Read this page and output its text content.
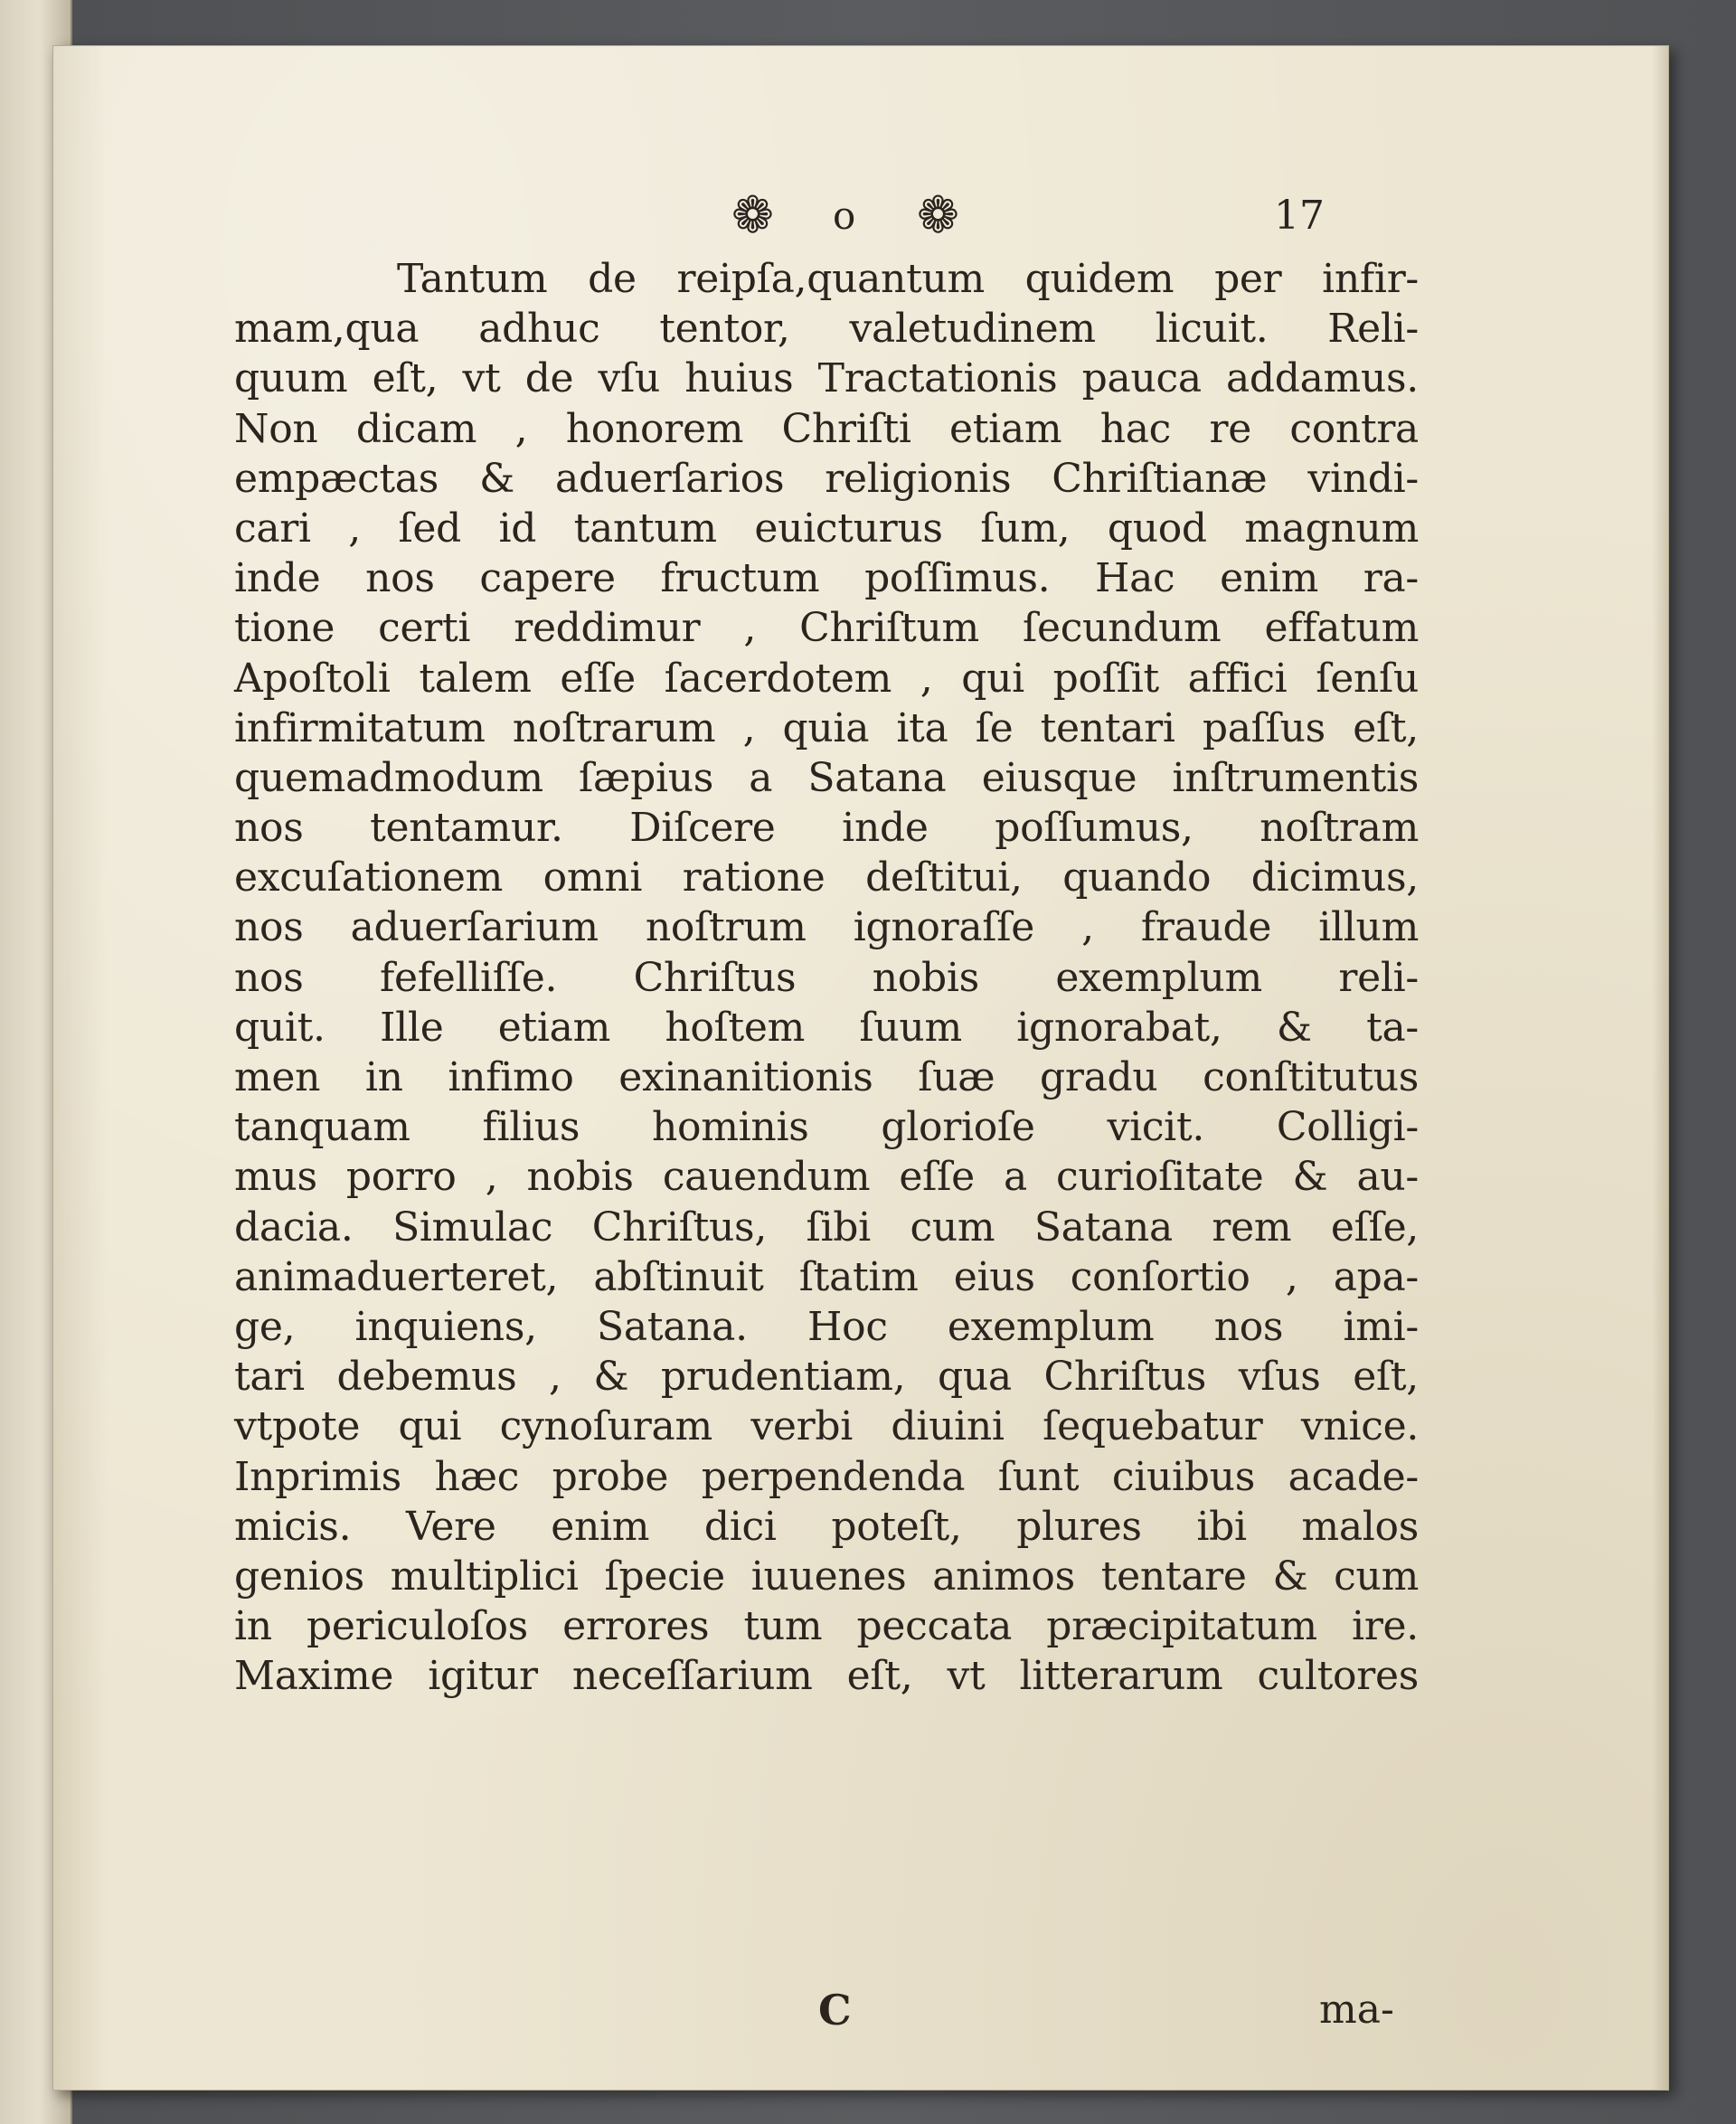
❁ o ❁	17
Tantum de reipſa,quantum quidem per infir-
mam,qua adhuc tentor, valetudinem licuit. Reli-
quum eſt, vt de vſu huius Tractationis pauca addamus.
Non dicam , honorem Chriſti etiam hac re contra
empæctas & aduerſarios religionis Chriſtianæ vindi-
cari , ſed id tantum euicturus ſum, quod magnum
inde nos capere fructum poſſimus. Hac enim ra-
tione certi reddimur , Chriſtum ſecundum effatum
Apoſtoli talem eſſe ſacerdotem , qui poſſit affici ſenſu
infirmitatum noſtrarum , quia ita ſe tentari paſſus eſt,
quemadmodum ſæpius a Satana eiusque inſtrumentis
nos tentamur. Diſcere inde poſſumus, noſtram
excuſationem omni ratione deſtitui, quando dicimus,
nos aduerſarium noſtrum ignoraſſe , fraude illum
nos fefelliſſe. Chriſtus nobis exemplum reli-
quit. Ille etiam hoſtem ſuum ignorabat, & ta-
men in infimo exinanitionis ſuæ gradu conſtitutus
tanquam filius hominis glorioſe vicit. Colligi-
mus porro , nobis cauendum eſſe a curioſitate & au-
dacia. Simulac Chriſtus, ſibi cum Satana rem eſſe,
animaduerteret, abſtinuit ſtatim eius conſortio , apa-
ge, inquiens, Satana. Hoc exemplum nos imi-
tari debemus , & prudentiam, qua Chriſtus vſus eſt,
vtpote qui cynoſuram verbi diuini ſequebatur vnice.
Inprimis hæc probe perpendenda ſunt ciuibus acade-
micis. Vere enim dici poteſt, plures ibi malos
genios multiplici ſpecie iuuenes animos tentare & cum
in periculoſos errores tum peccata præcipitatum ire.
Maxime igitur neceſſarium eſt, vt litterarum cultores
C	ma-
